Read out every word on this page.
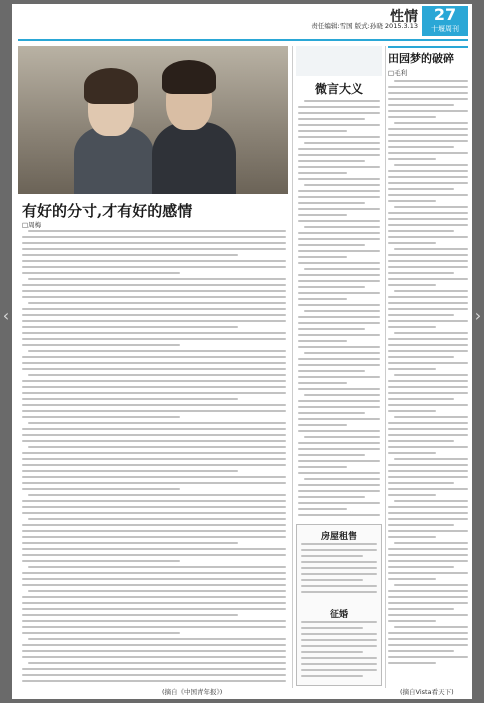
‹	›
性情
责任编辑:雪国 版式:孙晓 2015.3.13
27
十堰周刊
有好的分寸,才有好的感情
□周梅
(摘自《中国青年报》)
微言大义
房屋租售
征婚
田园梦的破碎
□毛利
(摘自Vista看天下)
